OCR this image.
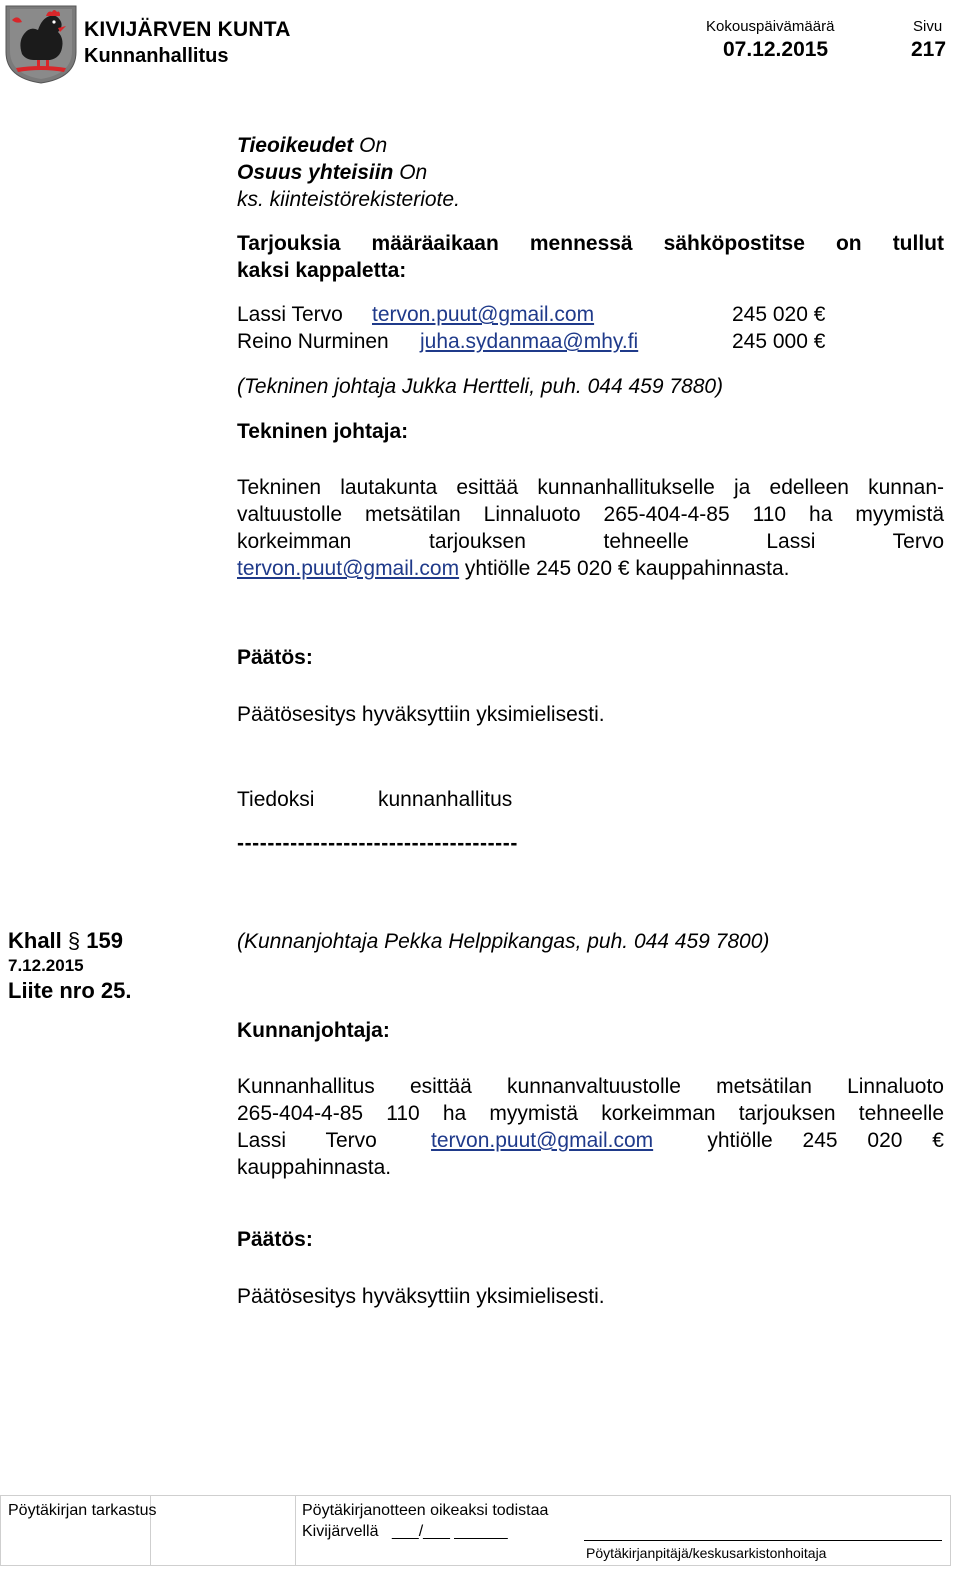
KIVIJÄRVEN KUNTA
Kunnanhallitus
Kokouspäivämäärä
07.12.2015
Sivu
217
Tieoikeudet On
Osuus yhteisiin On
ks. kiinteistörekisteriote.
Tarjouksia määräaikaan mennessä sähköpostitse on tullut
kaksi kappaletta:
Lassi Tervo tervon.puut@gmail.com	245 020 €
Reino Nurminen juha.sydanmaa@mhy.fi	245 000 €
(Tekninen johtaja Jukka Hertteli, puh. 044 459 7880)
Tekninen johtaja:
Tekninen lautakunta esittää kunnanhallitukselle ja edelleen kunnan-
valtuustolle metsätilan Linnaluoto 265-404-4-85 110 ha myymistä
korkeimman tarjouksen tehneelle Lassi Tervo
tervon.puut@gmail.com yhtiölle 245 020 € kauppahinnasta.
Päätös:
Päätösesitys hyväksyttiin yksimielisesti.
Tiedoksi	kunnanhallitus
-------------------------------------
Khall § 159
7.12.2015
Liite nro 25.
(Kunnanjohtaja Pekka Helppikangas, puh. 044 459 7800)
Kunnanjohtaja:
Kunnanhallitus esittää kunnanvaltuustolle metsätilan Linnaluoto
265-404-4-85 110 ha myymistä korkeimman tarjouksen tehneelle
Lassi Tervo	tervon.puut@gmail.com	yhtiölle 245 020 €
kauppahinnasta.
Päätös:
Päätösesitys hyväksyttiin yksimielisesti.
Pöytäkirjan tarkastus	Pöytäkirjanotteen oikeaksi todistaa
Kivijärvellä ___/___ ______
Pöytäkirjanpitäjä/keskusarkistonhoitaja
